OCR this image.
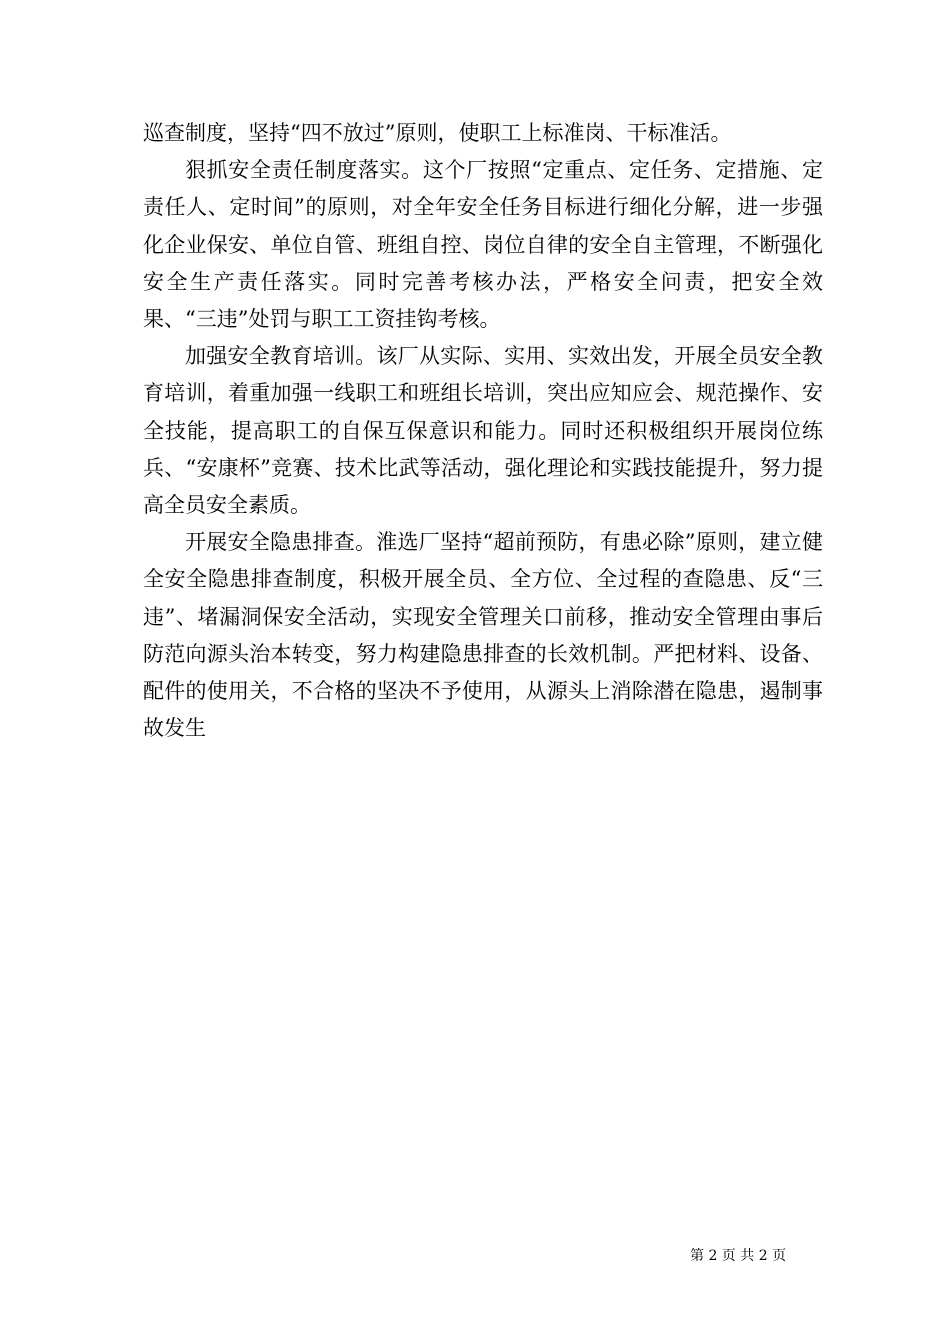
巡查制度，坚持“四不放过”原则，使职工上标准岗、干标准活。

狠抓安全责任制度落实。这个厂按照“定重点、定任务、定措施、定责任人、定时间”的原则，对全年安全任务目标进行细化分解，进一步强化企业保安、单位自管、班组自控、岗位自律的安全自主管理，不断强化安全生产责任落实。同时完善考核办法，严格安全问责，把安全效果、“三违”处罚与职工工资挂钩考核。

加强安全教育培训。该厂从实际、实用、实效出发，开展全员安全教育培训，着重加强一线职工和班组长培训，突出应知应会、规范操作、安全技能，提高职工的自保互保意识和能力。同时还积极组织开展岗位练兵、“安康杯”竞赛、技术比武等活动，强化理论和实践技能提升，努力提高全员安全素质。

开展安全隐患排查。淮选厂坚持“超前预防，有患必除”原则，建立健全安全隐患排查制度，积极开展全员、全方位、全过程的查隐患、反“三违”、堵漏洞保安全活动，实现安全管理关口前移，推动安全管理由事后防范向源头治本转变，努力构建隐患排查的长效机制。严把材料、设备、配件的使用关，不合格的坚决不予使用，从源头上消除潜在隐患，遏制事故发生

第 2 页 共 2 页
